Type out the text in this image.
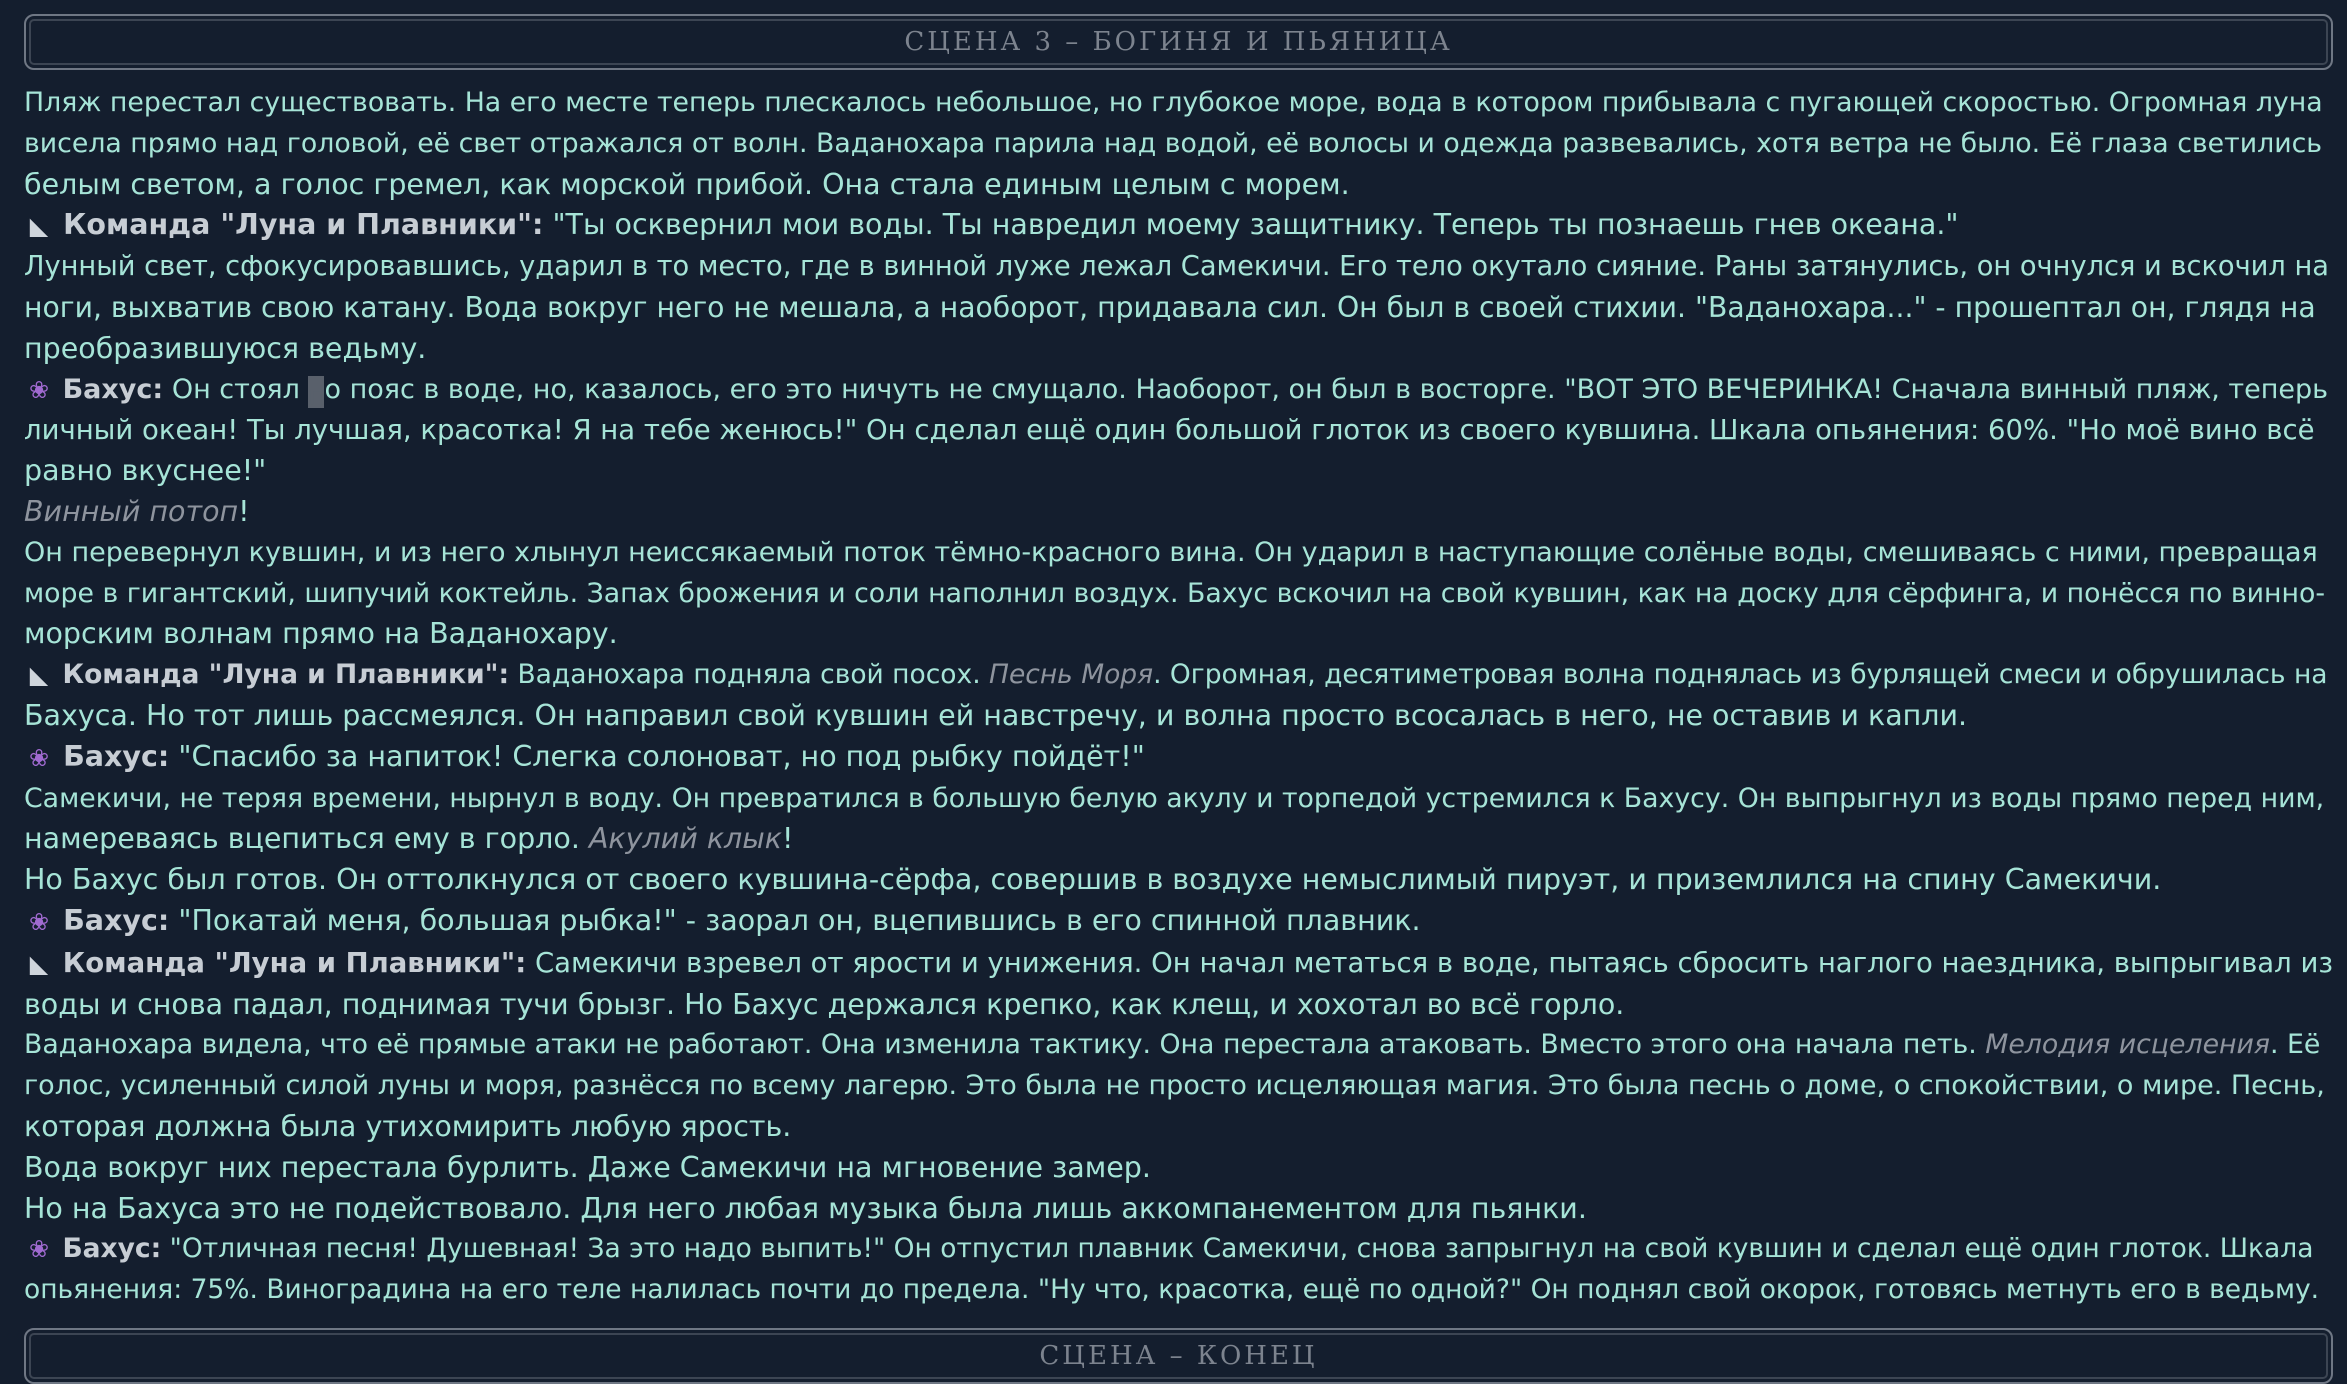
СЦЕНА 3 – БОГИНЯ И ПЬЯНИЦА
Пляж перестал существовать. На его месте теперь плескалось небольшое, но глубокое море, вода в котором прибывала с пугающей скоростью. Огромная луна
висела прямо над головой, её свет отражался от волн. Ваданохара парила над водой, её волосы и одежда развевались, хотя ветра не было. Её глаза светились
белым светом, а голос гремел, как морской прибой. Она стала единым целым с морем.
◣ Команда "Луна и Плавники": "Ты осквернил мои воды. Ты навредил моему защитнику. Теперь ты познаешь гнев океана."
Лунный свет, сфокусировавшись, ударил в то место, где в винной луже лежал Самекичи. Его тело окутало сияние. Раны затянулись, он очнулся и вскочил на
ноги, выхватив свою катану. Вода вокруг него не мешала, а наоборот, придавала сил. Он был в своей стихии. "Ваданохара..." - прошептал он, глядя на
преобразившуюся ведьму.
❀ Бахус: Он стоял по пояс в воде, но, казалось, его это ничуть не смущало. Наоборот, он был в восторге. "ВОТ ЭТО ВЕЧЕРИНКА! Сначала винный пляж, теперь
личный океан! Ты лучшая, красотка! Я на тебе женюсь!" Он сделал ещё один большой глоток из своего кувшина. Шкала опьянения: 60%. "Но моё вино всё
равно вкуснее!"
Винный потоп!
Он перевернул кувшин, и из него хлынул неиссякаемый поток тёмно-красного вина. Он ударил в наступающие солёные воды, смешиваясь с ними, превращая
море в гигантский, шипучий коктейль. Запах брожения и соли наполнил воздух. Бахус вскочил на свой кувшин, как на доску для сёрфинга, и понёсся по винно-
морским волнам прямо на Ваданохару.
◣ Команда "Луна и Плавники": Ваданохара подняла свой посох. Песнь Моря. Огромная, десятиметровая волна поднялась из бурлящей смеси и обрушилась на
Бахуса. Но тот лишь рассмеялся. Он направил свой кувшин ей навстречу, и волна просто всосалась в него, не оставив и капли.
❀ Бахус: "Спасибо за напиток! Слегка солоноват, но под рыбку пойдёт!"
Самекичи, не теряя времени, нырнул в воду. Он превратился в большую белую акулу и торпедой устремился к Бахусу. Он выпрыгнул из воды прямо перед ним,
намереваясь вцепиться ему в горло. Акулий клык!
Но Бахус был готов. Он оттолкнулся от своего кувшина-сёрфа, совершив в воздухе немыслимый пируэт, и приземлился на спину Самекичи.
❀ Бахус: "Покатай меня, большая рыбка!" - заорал он, вцепившись в его спинной плавник.
◣ Команда "Луна и Плавники": Самекичи взревел от ярости и унижения. Он начал метаться в воде, пытаясь сбросить наглого наездника, выпрыгивал из
воды и снова падал, поднимая тучи брызг. Но Бахус держался крепко, как клещ, и хохотал во всё горло.
Ваданохара видела, что её прямые атаки не работают. Она изменила тактику. Она перестала атаковать. Вместо этого она начала петь. Мелодия исцеления. Её
голос, усиленный силой луны и моря, разнёсся по всему лагерю. Это была не просто исцеляющая магия. Это была песнь о доме, о спокойствии, о мире. Песнь,
которая должна была утихомирить любую ярость.
Вода вокруг них перестала бурлить. Даже Самекичи на мгновение замер.
Но на Бахуса это не подействовало. Для него любая музыка была лишь аккомпанементом для пьянки.
❀ Бахус: "Отличная песня! Душевная! За это надо выпить!" Он отпустил плавник Самекичи, снова запрыгнул на свой кувшин и сделал ещё один глоток. Шкала
опьянения: 75%. Виноградина на его теле налилась почти до предела. "Ну что, красотка, ещё по одной?" Он поднял свой окорок, готовясь метнуть его в ведьму.
СЦЕНА – КОНЕЦ
